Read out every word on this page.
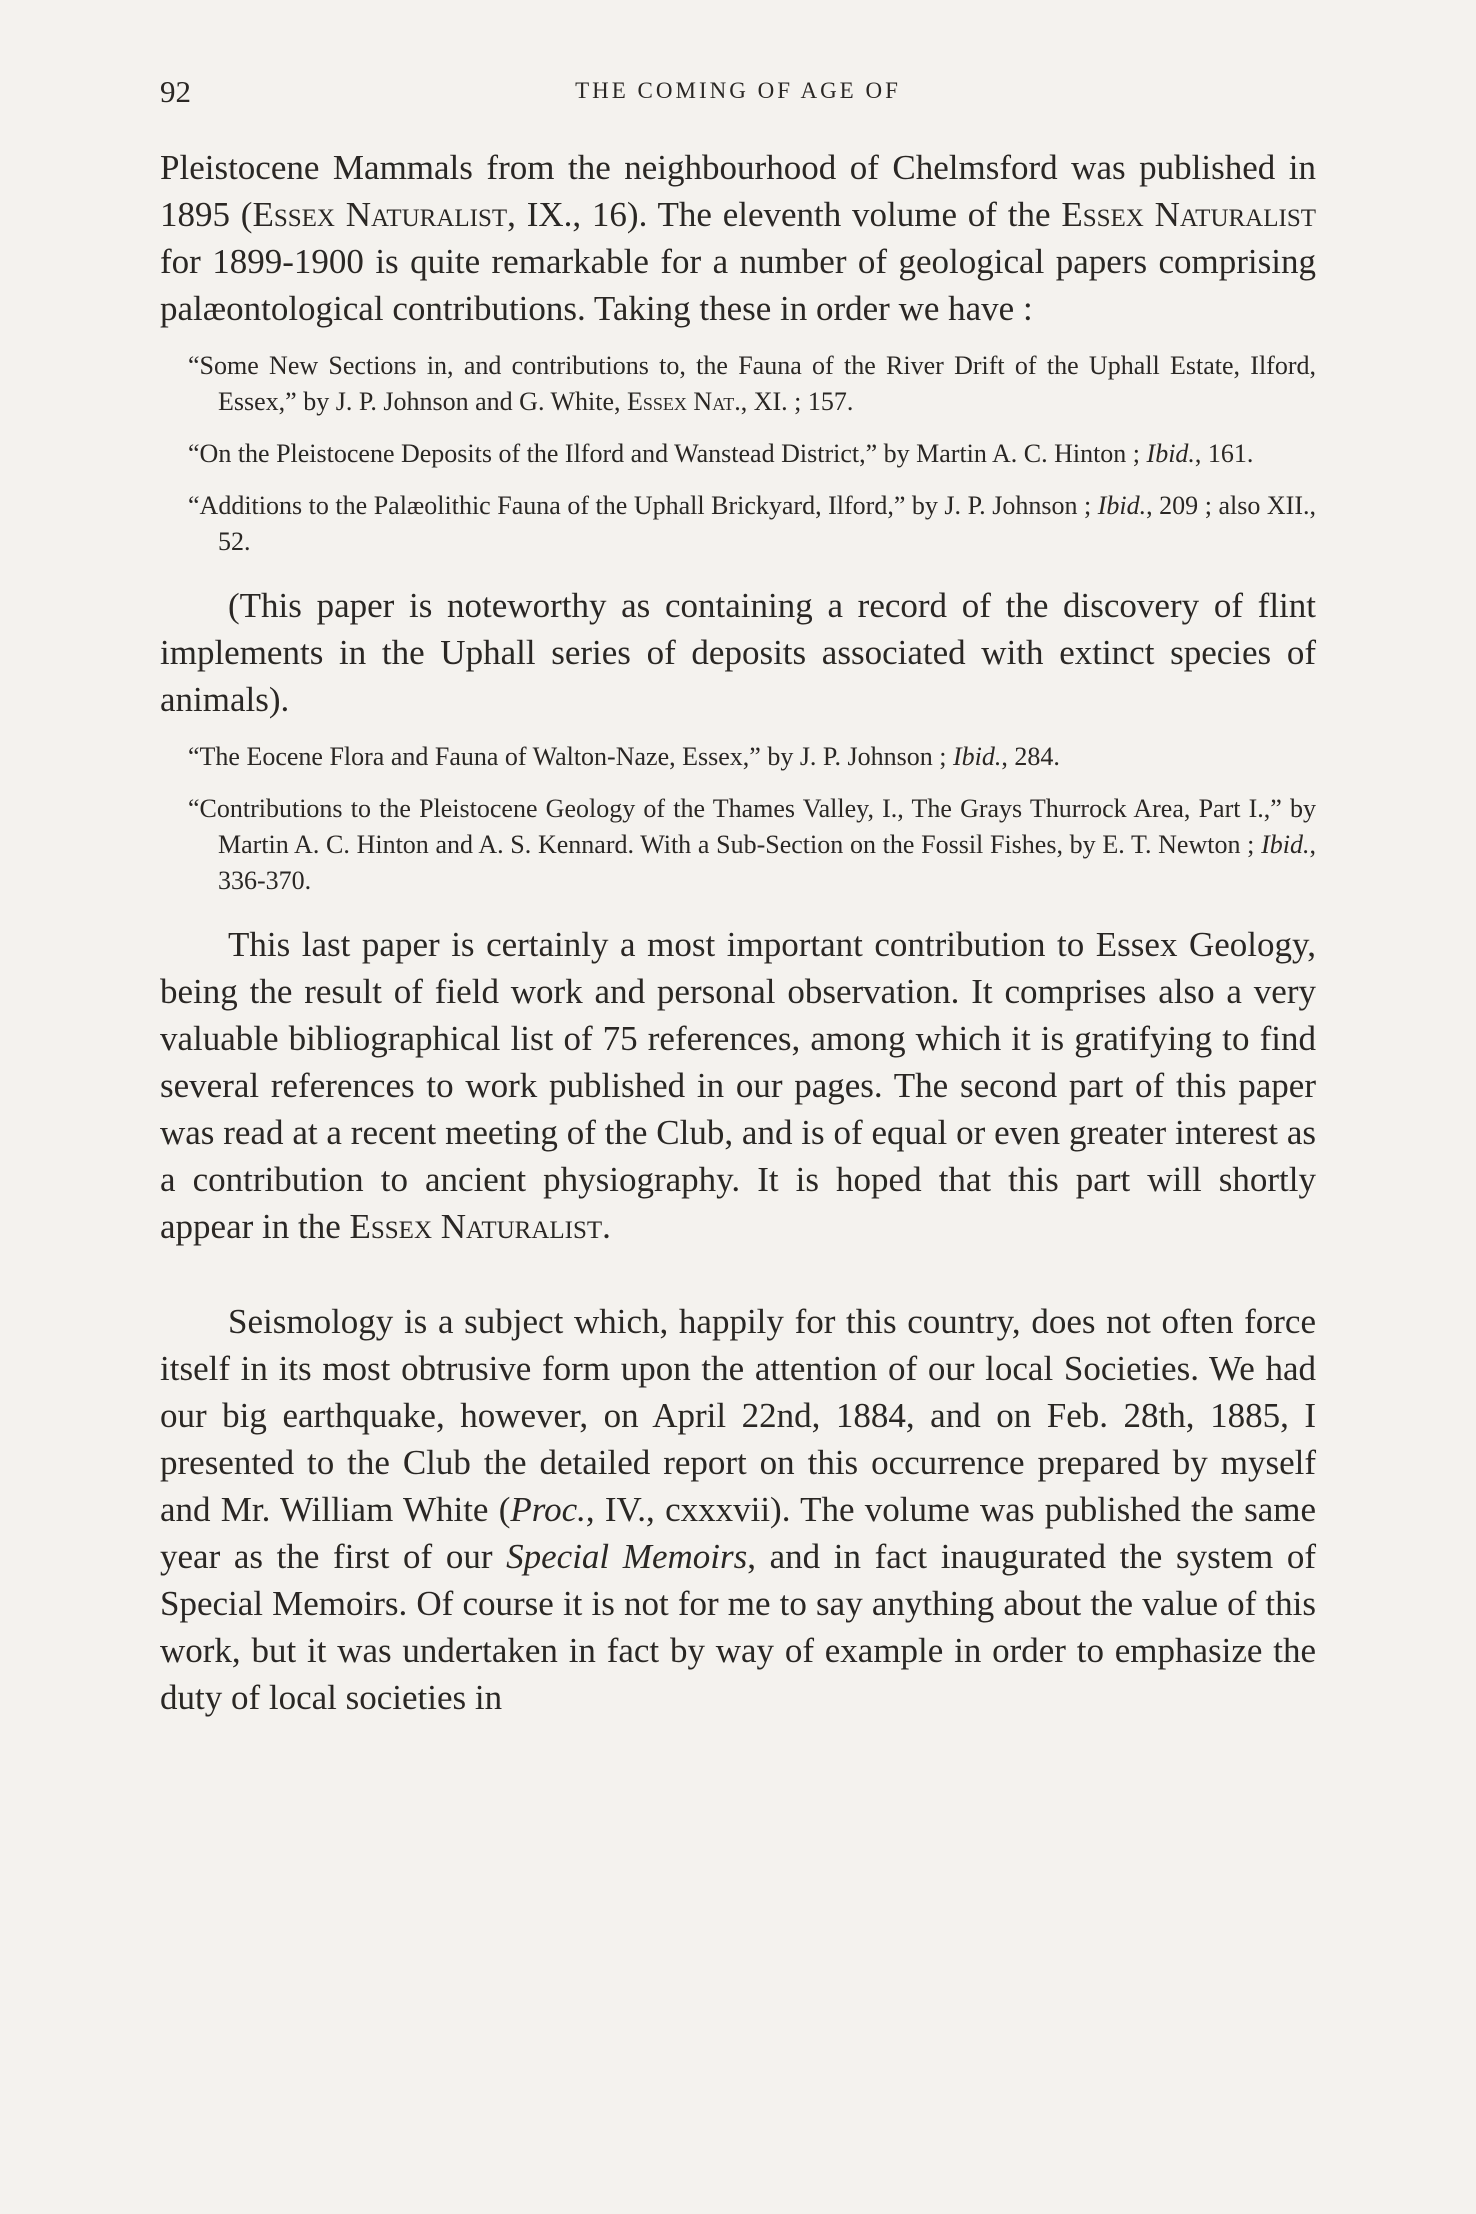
92	THE COMING OF AGE OF

Pleistocene Mammals from the neighbourhood of Chelmsford was published in 1895 (Essex Naturalist, IX., 16). The eleventh volume of the Essex Naturalist for 1899-1900 is quite remarkable for a number of geological papers comprising palæontological contributions. Taking these in order we have :

“Some New Sections in, and contributions to, the Fauna of the River Drift of the Uphall Estate, Ilford, Essex,” by J. P. Johnson and G. White, Essex Nat., XI. ; 157.

“On the Pleistocene Deposits of the Ilford and Wanstead District,” by Martin A. C. Hinton ; Ibid., 161.

“Additions to the Palæolithic Fauna of the Uphall Brickyard, Ilford,” by J. P. Johnson ; Ibid., 209 ; also XII., 52.

(This paper is noteworthy as containing a record of the discovery of flint implements in the Uphall series of deposits associated with extinct species of animals).

“The Eocene Flora and Fauna of Walton-Naze, Essex,” by J. P. Johnson ; Ibid., 284.

“Contributions to the Pleistocene Geology of the Thames Valley, I., The Grays Thurrock Area, Part I.,” by Martin A. C. Hinton and A. S. Kennard. With a Sub-Section on the Fossil Fishes, by E. T. Newton ; Ibid., 336-370.

This last paper is certainly a most important contribution to Essex Geology, being the result of field work and personal observation. It comprises also a very valuable bibliographical list of 75 references, among which it is gratifying to find several references to work published in our pages. The second part of this paper was read at a recent meeting of the Club, and is of equal or even greater interest as a contribution to ancient physiography. It is hoped that this part will shortly appear in the Essex Naturalist.

Seismology is a subject which, happily for this country, does not often force itself in its most obtrusive form upon the attention of our local Societies. We had our big earthquake, however, on April 22nd, 1884, and on Feb. 28th, 1885, I presented to the Club the detailed report on this occurrence prepared by myself and Mr. William White (Proc., IV., cxxxvii). The volume was published the same year as the first of our Special Memoirs, and in fact inaugurated the system of Special Memoirs. Of course it is not for me to say anything about the value of this work, but it was undertaken in fact by way of example in order to emphasize the duty of local societies in
